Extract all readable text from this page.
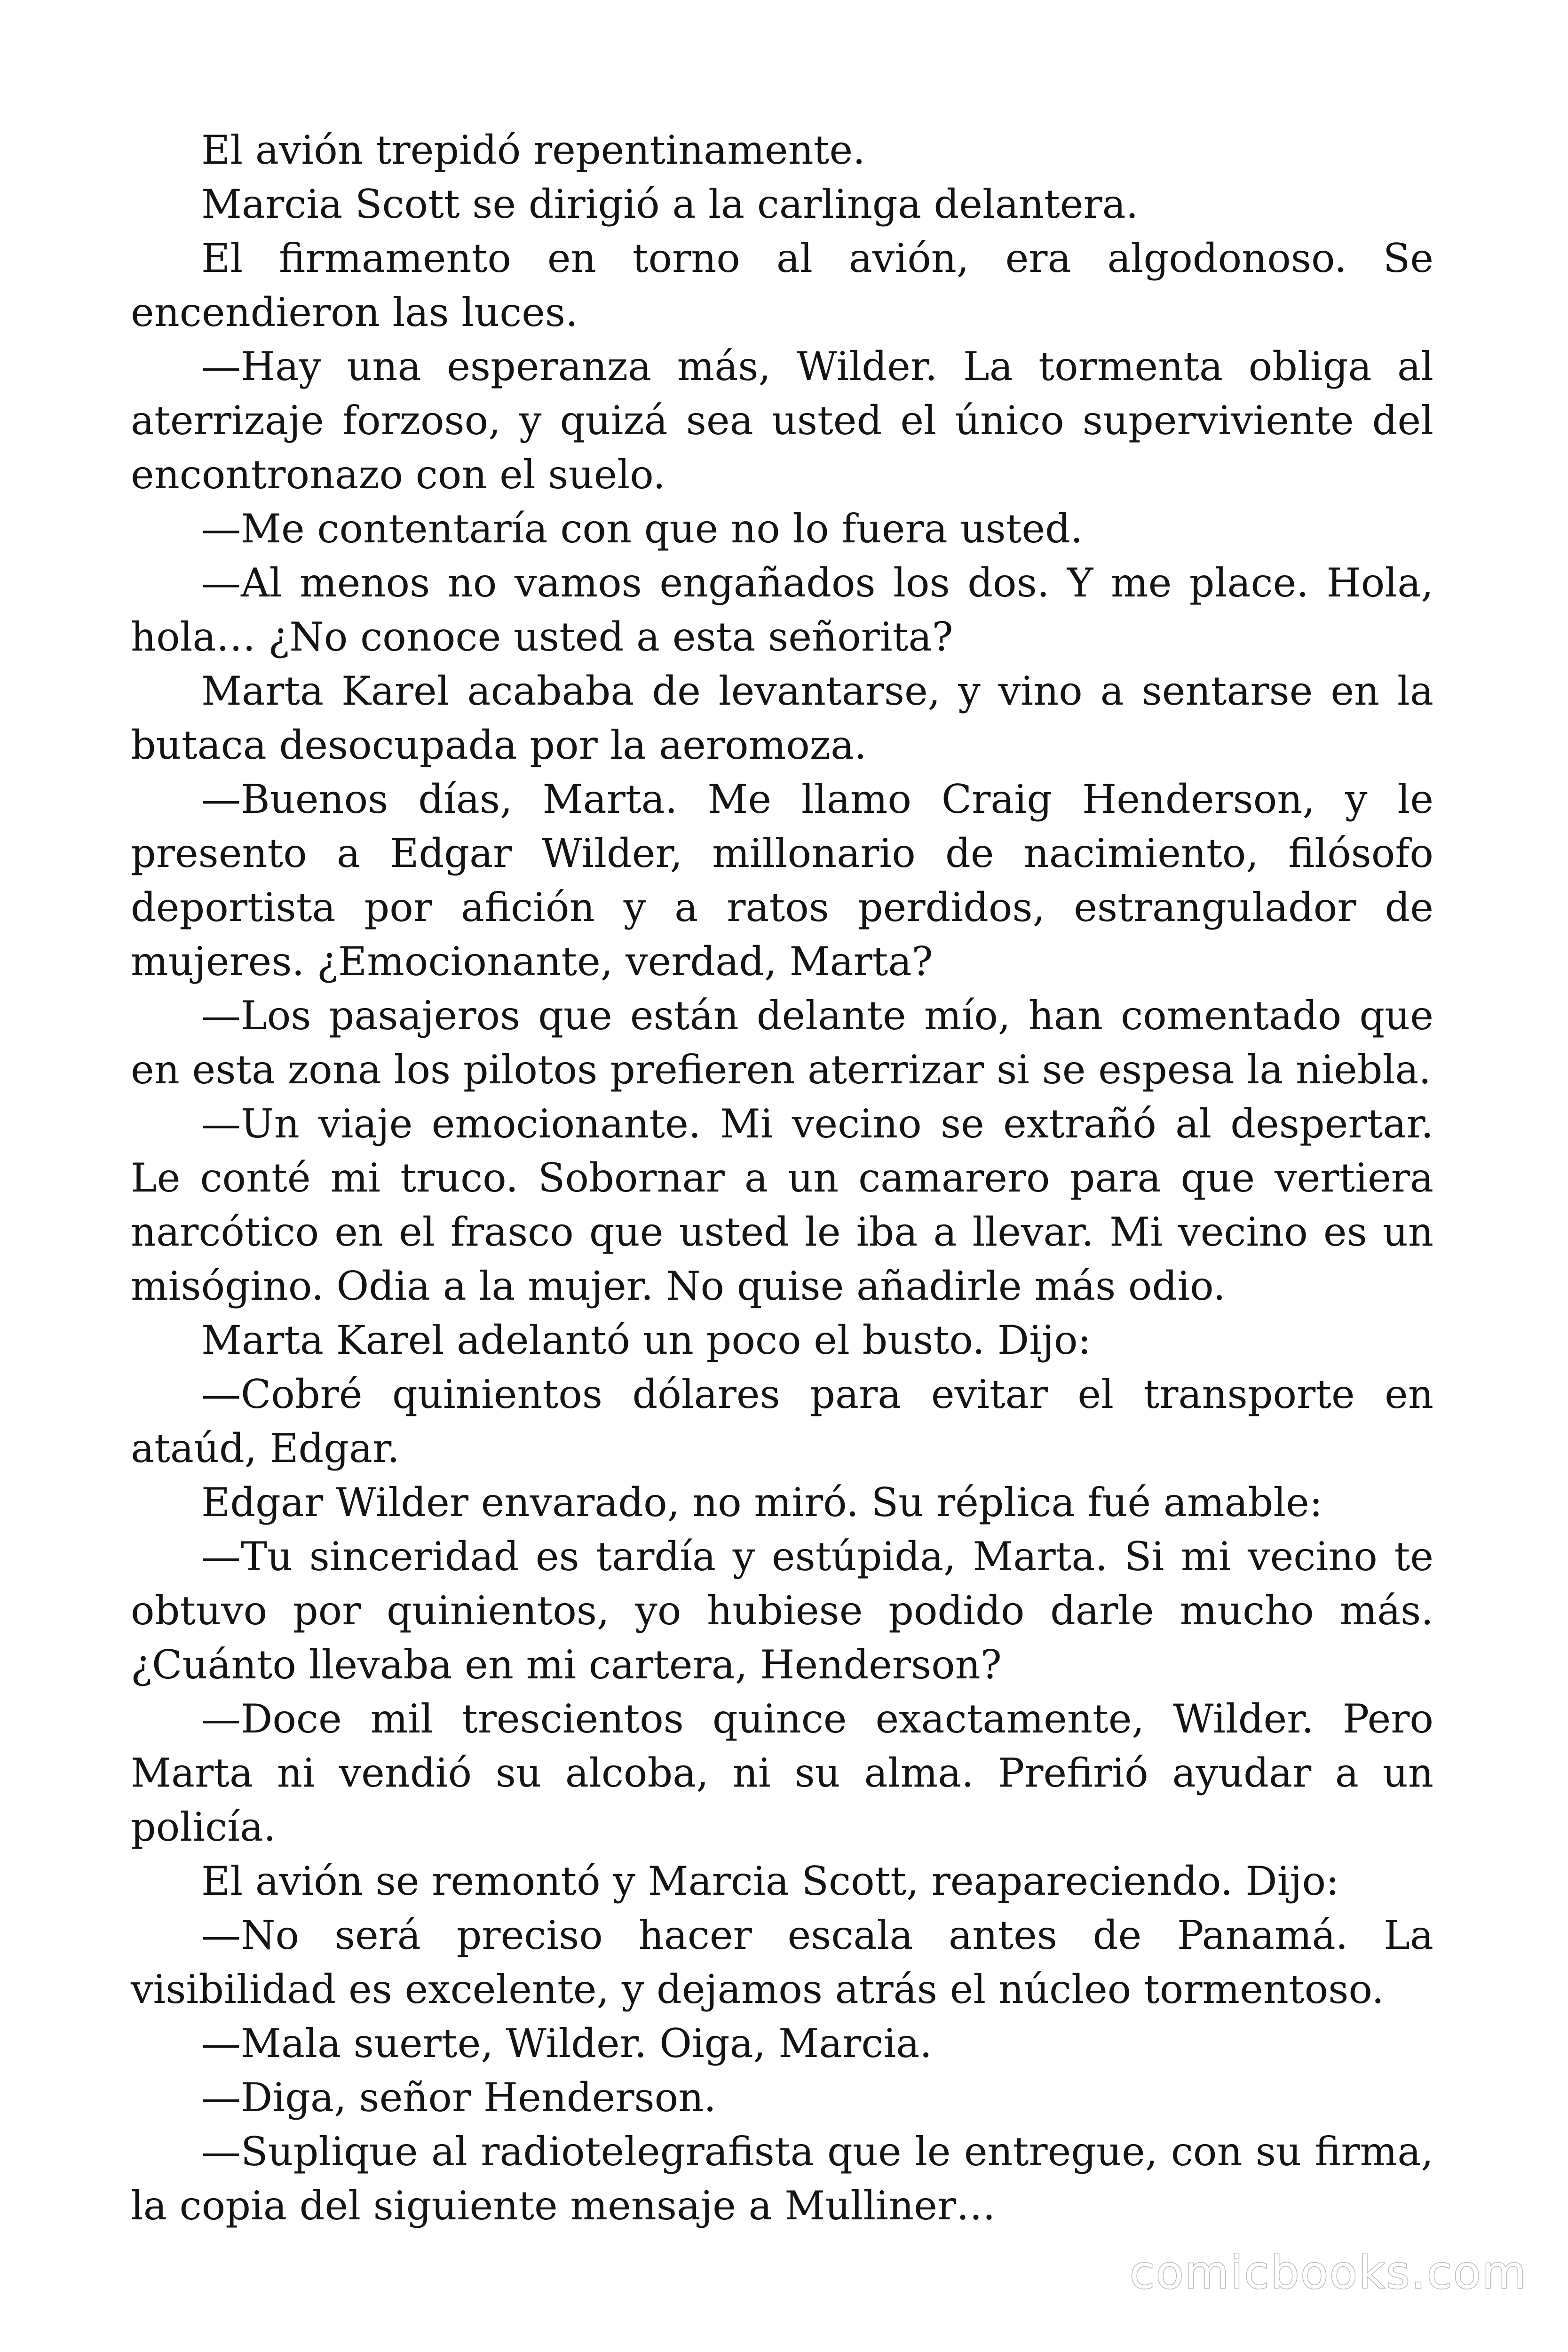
El avión trepidó repentinamente.

Marcia Scott se dirigió a la carlinga delantera.

El firmamento en torno al avión, era algodonoso. Se encendieron las luces.

—Hay una esperanza más, Wilder. La tormenta obliga al aterrizaje forzoso, y quizá sea usted el único superviviente del encontronazo con el suelo.

—Me contentaría con que no lo fuera usted.

—Al menos no vamos engañados los dos. Y me place. Hola, hola… ¿No conoce usted a esta señorita?

Marta Karel acababa de levantarse, y vino a sentarse en la butaca desocupada por la aeromoza.

—Buenos días, Marta. Me llamo Craig Henderson, y le presento a Edgar Wilder, millonario de nacimiento, filósofo deportista por afición y a ratos perdidos, estrangulador de mujeres. ¿Emocionante, verdad, Marta?

—Los pasajeros que están delante mío, han comentado que en esta zona los pilotos prefieren aterrizar si se espesa la niebla.

—Un viaje emocionante. Mi vecino se extrañó al despertar. Le conté mi truco. Sobornar a un camarero para que vertiera narcótico en el frasco que usted le iba a llevar. Mi vecino es un misógino. Odia a la mujer. No quise añadirle más odio.

Marta Karel adelantó un poco el busto. Dijo:

—Cobré quinientos dólares para evitar el transporte en ataúd, Edgar.

Edgar Wilder envarado, no miró. Su réplica fué amable:

—Tu sinceridad es tardía y estúpida, Marta. Si mi vecino te obtuvo por quinientos, yo hubiese podido darle mucho más. ¿Cuánto llevaba en mi cartera, Henderson?

—Doce mil trescientos quince exactamente, Wilder. Pero Marta ni vendió su alcoba, ni su alma. Prefirió ayudar a un policía.

El avión se remontó y Marcia Scott, reapareciendo. Dijo:

—No será preciso hacer escala antes de Panamá. La visibilidad es excelente, y dejamos atrás el núcleo tormentoso.

—Mala suerte, Wilder. Oiga, Marcia.

—Diga, señor Henderson.

—Suplique al radiotelegrafista que le entregue, con su firma, la copia del siguiente mensaje a Mulliner…

comicbooks.com
